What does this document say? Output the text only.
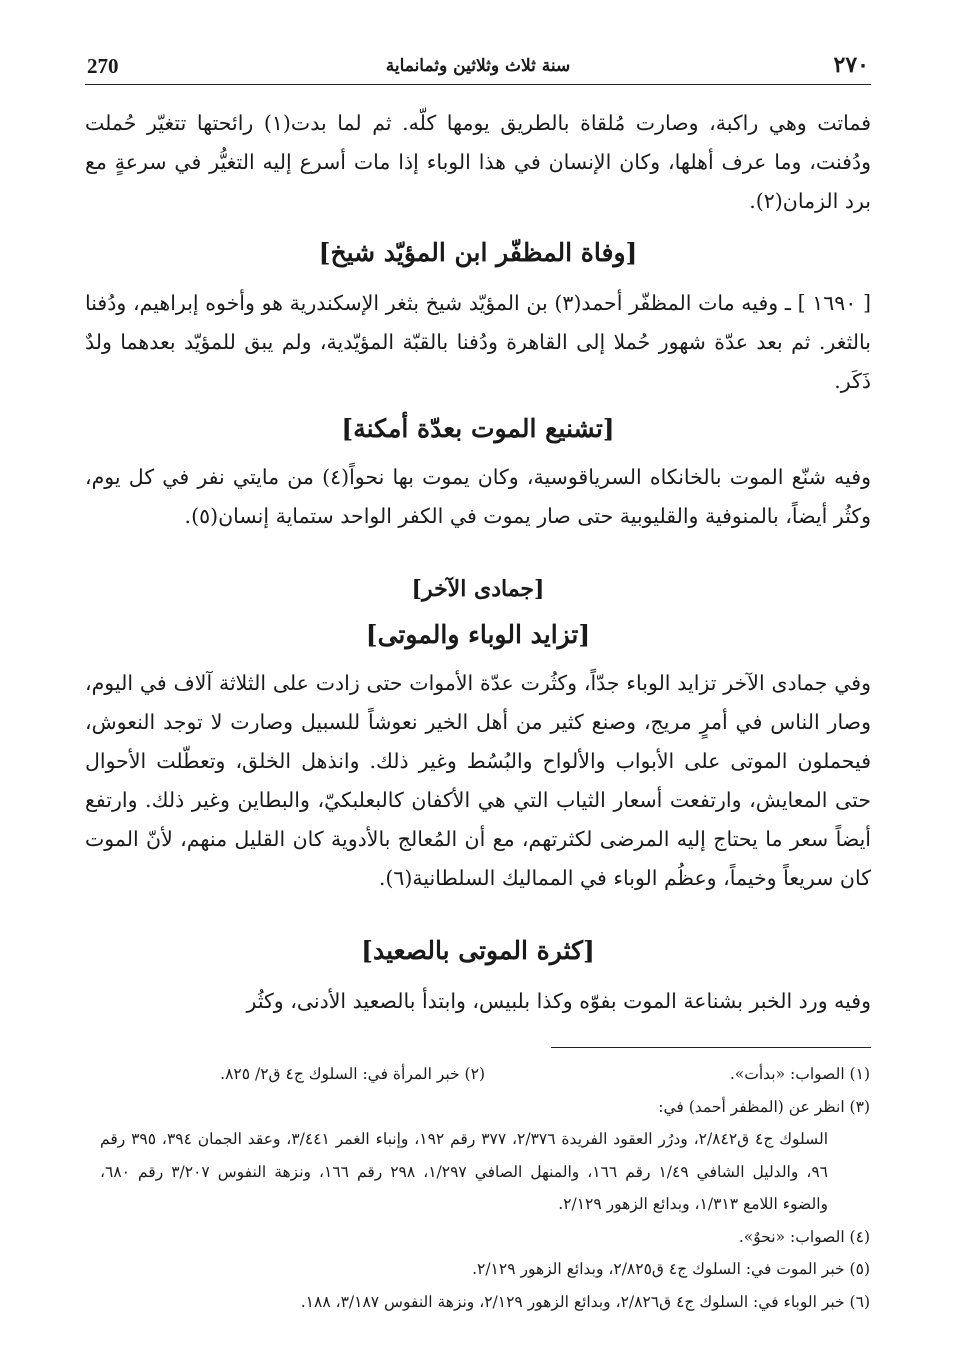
270	سنة ثلاث وثلاثين وثمانماية	٢٧٠

فماتت وهي راكبة، وصارت مُلقاة بالطريق يومها كلّه. ثم لما بدت(١) رائحتها تتغيّر حُملت ودُفنت، وما عرف أهلها، وكان الإنسان في هذا الوباء إذا مات أسرع إليه التغيُّر في سرعةٍ مع برد الزمان(٢).

[وفاة المظفّر ابن المؤيّد شيخ]

[ ١٦٩٠ ] ـ وفيه مات المظفّر أحمد(٣) بن المؤيّد شيخ بثغر الإسكندرية هو وأخوه إبراهيم، ودُفنا بالثغر. ثم بعد عدّة شهور حُملا إلى القاهرة ودُفنا بالقبّة المؤيّدية، ولم يبق للمؤيّد بعدهما ولدٌ ذَكَر.

[تشنيع الموت بعدّة أمكنة]

وفيه شنّع الموت بالخانكاه السرياقوسية، وكان يموت بها نحواً(٤) من مايتي نفر في كل يوم، وكثُر أيضاً، بالمنوفية والقليوبية حتى صار يموت في الكفر الواحد ستماية إنسان(٥).

[جمادى الآخر]
[تزايد الوباء والموتى]

وفي جمادى الآخر تزايد الوباء جدّاً، وكثُرت عدّة الأموات حتى زادت على الثلاثة آلاف في اليوم، وصار الناس في أمرٍ مريج، وصنع كثير من أهل الخير نعوشاً للسبيل وصارت لا توجد النعوش، فيحملون الموتى على الأبواب والألواح والبُسُط وغير ذلك. وانذهل الخلق، وتعطّلت الأحوال حتى المعايش، وارتفعت أسعار الثياب التي هي الأكفان كالبعلبكيّ، والبطاين وغير ذلك. وارتفع أيضاً سعر ما يحتاج إليه المرضى لكثرتهم، مع أن المُعالج بالأدوية كان القليل منهم، لأنّ الموت كان سريعاً وخيماً، وعظُم الوباء في الممالیك السلطانية(٦).

[كثرة الموتى بالصعيد]

وفيه ورد الخبر بشناعة الموت بفوّه وكذا بلبيس، وابتدأ بالصعيد الأدنى، وكثُر

(١) الصواب: «بدأت».

(٢) خبر المرأة في: السلوك ج٤ ق٢/ ٨٢٥.

(٣) انظر عن (المظفر أحمد) في:

السلوك ج٤ ق٢/٨٤٢، ودرُر العقود الفريدة ٢/٣٧٦، ٣٧٧ رقم ١٩٢، وإنباء الغمر ٣/٤٤١، وعقد الجمان ٣٩٤، ٣٩٥ رقم ٩٦، والدليل الشافي ١/٤٩ رقم ١٦٦، والمنهل الصافي ١/٢٩٧، ٢٩٨ رقم ١٦٦، ونزهة النفوس ٣/٢٠٧ رقم ٦٨٠، والضوء اللامع ١/٣١٣، وبدائع الزهور ٢/١٢٩.

(٤) الصواب: «نحوٌ».

(٥) خبر الموت في: السلوك ج٤ ق٢/٨٢٥، وبدائع الزهور ٢/١٢٩.

(٦) خبر الوباء في: السلوك ج٤ ق٢/٨٢٦، وبدائع الزهور ٢/١٢٩، ونزهة النفوس ٣/١٨٧، ١٨٨.
